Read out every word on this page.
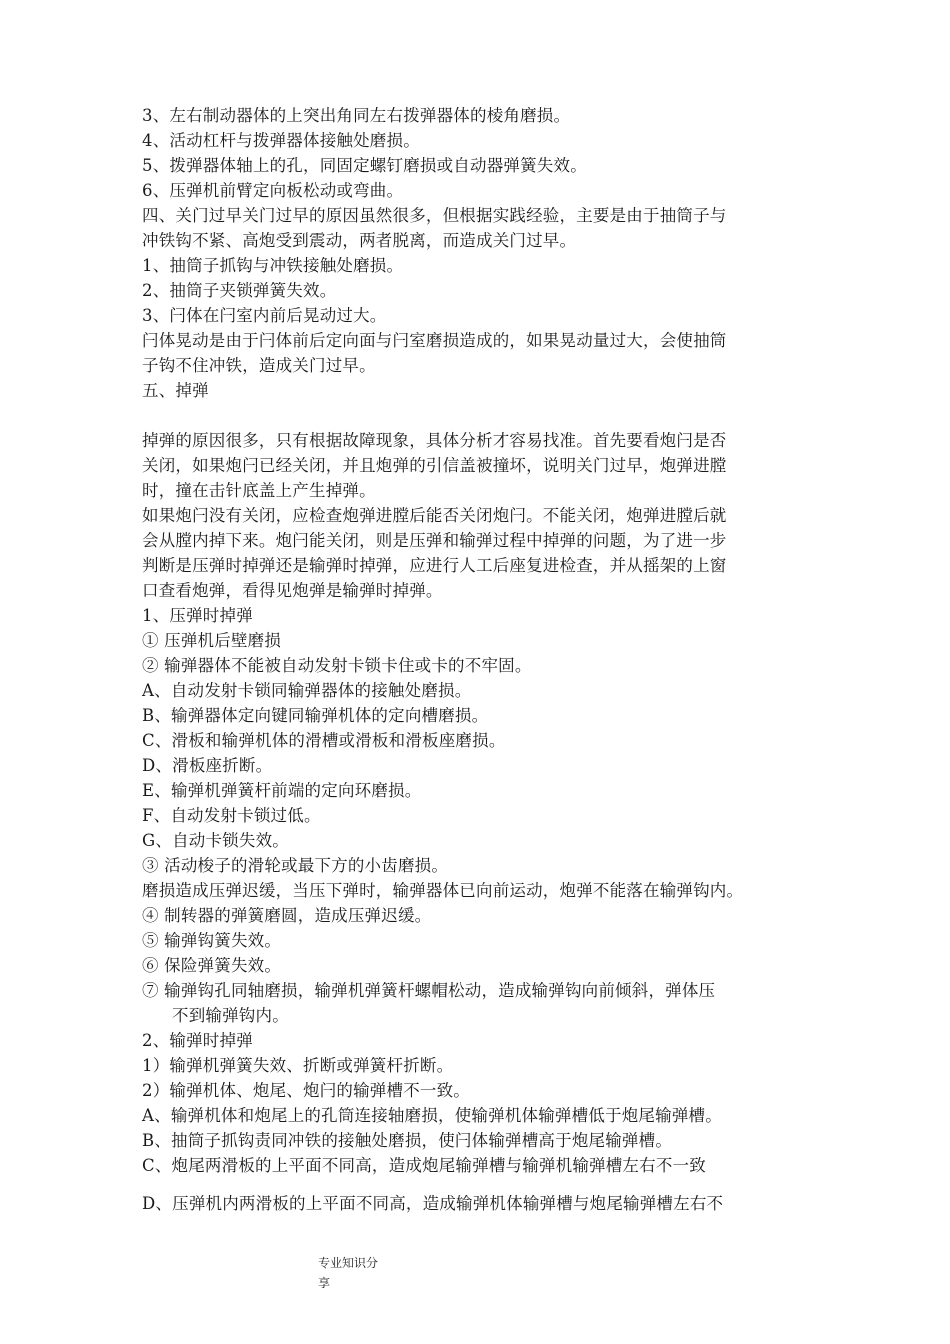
3、左右制动器体的上突出角同左右拨弹器体的棱角磨损。
4、活动杠杆与拨弹器体接触处磨损。
5、拨弹器体轴上的孔，同固定螺钉磨损或自动器弹簧失效。
6、压弹机前臂定向板松动或弯曲。
四、关门过早关门过早的原因虽然很多，但根据实践经验，主要是由于抽筒子与
冲铁钩不紧、高炮受到震动，两者脱离，而造成关门过早。
1、抽筒子抓钩与冲铁接触处磨损。
2、抽筒子夹锁弹簧失效。
3、闩体在闩室内前后晃动过大。
闩体晃动是由于闩体前后定向面与闩室磨损造成的，如果晃动量过大，会使抽筒
子钩不住冲铁，造成关门过早。
五、掉弹
掉弹的原因很多，只有根据故障现象，具体分析才容易找准。首先要看炮闩是否
关闭，如果炮闩已经关闭，并且炮弹的引信盖被撞坏，说明关门过早，炮弹进膛
时，撞在击针底盖上产生掉弹。
如果炮闩没有关闭，应检查炮弹进膛后能否关闭炮闩。不能关闭，炮弹进膛后就
会从膛内掉下来。炮闩能关闭，则是压弹和输弹过程中掉弹的问题，为了进一步
判断是压弹时掉弹还是输弹时掉弹，应进行人工后座复进检查，并从摇架的上窗
口查看炮弹，看得见炮弹是输弹时掉弹。
1、压弹时掉弹
① 压弹机后壁磨损
② 输弹器体不能被自动发射卡锁卡住或卡的不牢固。
A、自动发射卡锁同输弹器体的接触处磨损。
B、输弹器体定向键同输弹机体的定向槽磨损。
C、滑板和输弹机体的滑槽或滑板和滑板座磨损。
D、滑板座折断。
E、输弹机弹簧杆前端的定向环磨损。
F、自动发射卡锁过低。
G、自动卡锁失效。
③ 活动梭子的滑轮或最下方的小齿磨损。
磨损造成压弹迟缓，当压下弹时，输弹器体已向前运动，炮弹不能落在输弹钩内。
④ 制转器的弹簧磨圆，造成压弹迟缓。
⑤ 输弹钩簧失效。
⑥ 保险弹簧失效。
⑦ 输弹钩孔同轴磨损，输弹机弹簧杆螺帽松动，造成输弹钩向前倾斜，弹体压
不到输弹钩内。
2、输弹时掉弹
1）输弹机弹簧失效、折断或弹簧杆折断。
2）输弹机体、炮尾、炮闩的输弹槽不一致。
A、输弹机体和炮尾上的孔筒连接轴磨损，使输弹机体输弹槽低于炮尾输弹槽。
B、抽筒子抓钩责同冲铁的接触处磨损，使闩体输弹槽高于炮尾输弹槽。
C、炮尾两滑板的上平面不同高，造成炮尾输弹槽与输弹机输弹槽左右不一致
D、压弹机内两滑板的上平面不同高，造成输弹机体输弹槽与炮尾输弹槽左右不
专业知识分
享
